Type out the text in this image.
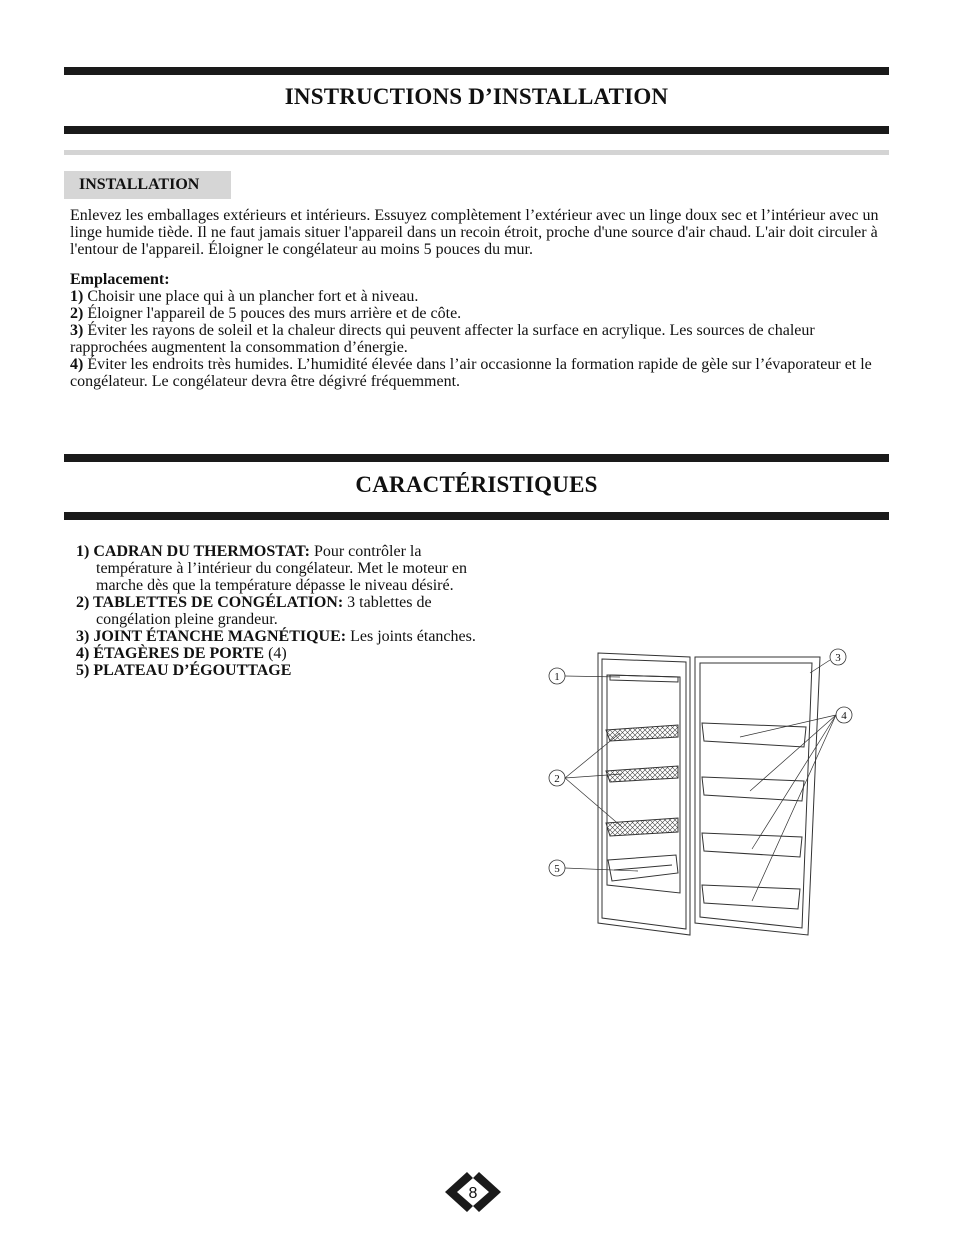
INSTRUCTIONS D’INSTALLATION
INSTALLATION

Enlevez les emballages extérieurs et intérieurs. Essuyez complètement l’extérieur avec un linge doux sec et l’intérieur avec un linge humide tiède. Il ne faut jamais situer l'appareil dans un recoin étroit, proche d'une source d'air chaud. L'air doit circuler à l'entour de l'appareil. Éloigner le congélateur au moins 5 pouces du mur.

Emplacement:
1) Choisir une place qui à un plancher fort et à niveau.
2) Éloigner l'appareil de 5 pouces des murs arrière et de côte.
3) Éviter les rayons de soleil et la chaleur directs qui peuvent affecter la surface en acrylique. Les sources de chaleur rapprochées augmentent la consommation d’énergie.
4) Éviter les endroits très humides. L’humidité élevée dans l’air occasionne la formation rapide de gèle sur l’évaporateur et le congélateur. Le congélateur devra être dégivré fréquemment.
CARACTÉRISTIQUES
1) CADRAN DU THERMOSTAT: Pour contrôler la température à l’intérieur du congélateur. Met le moteur en marche dès que la température dépasse le niveau désiré.
2) TABLETTES DE CONGÉLATION: 3 tablettes de congélation pleine grandeur.
3) JOINT ÉTANCHE MAGNÉTIQUE: Les joints étanches.
4) ÉTAGÈRES DE PORTE (4)
5) PLATEAU D’ÉGOUTTAGE	1
2
3
4
5
8
